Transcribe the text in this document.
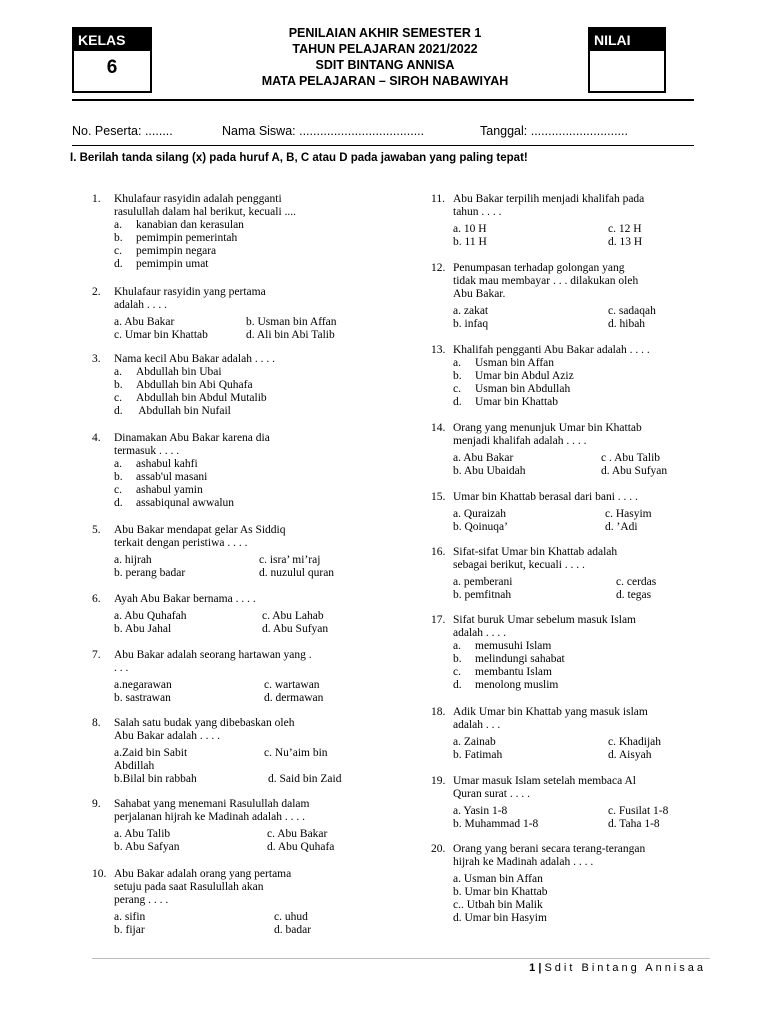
KELAS
6
NILAI
PENILAIAN AKHIR SEMESTER 1
TAHUN PELAJARAN 2021/2022
SDIT BINTANG ANNISA
MATA PELAJARAN – SIROH NABAWIYAH
No. Peserta: ........	Nama Siswa: ....................................	Tanggal: ............................
I. Berilah tanda silang (x) pada huruf A, B, C atau D pada jawaban yang paling tepat!
1. Khulafaur rasyidin adalah pengganti
rasulullah dalam hal berikut, kecuali ....
a. kanabian dan kerasulan
b. pemimpin pemerintah
c. pemimpin negara
d. pemimpin umat
2. Khulafaur rasyidin yang pertama
adalah . . . .
a. Abu Bakar	b. Usman bin Affan
c. Umar bin Khattab	d. Ali bin Abi Talib
3. Nama kecil Abu Bakar adalah . . . .
a. Abdullah bin Ubai
b. Abdullah bin Abi Quhafa
c. Abdullah bin Abdul Mutalib
d. Abdullah bin Nufail
4. Dinamakan Abu Bakar karena dia
termasuk . . . .
a. ashabul kahfi
b. assab'ul masani
c. ashabul yamin
d. assabiqunal awwalun
5. Abu Bakar mendapat gelar As Siddiq
terkait dengan peristiwa . . . .
a. hijrah	c. isra’ mi’raj
b. perang badar	d. nuzulul quran
6. Ayah Abu Bakar bernama . . . .
a. Abu Quhafah	c. Abu Lahab
b. Abu Jahal	d. Abu Sufyan
7. Abu Bakar adalah seorang hartawan yang .
. . .
a.negarawan	c. wartawan
b. sastrawan	d. dermawan
8. Salah satu budak yang dibebaskan oleh
Abu Bakar adalah . . . .
a.Zaid bin Sabit	c. Nu’aim bin
Abdillah
b.Bilal bin rabbah	d. Said bin Zaid
9. Sahabat yang menemani Rasulullah dalam
perjalanan hijrah ke Madinah adalah . . . .
a. Abu Talib	c. Abu Bakar
b. Abu Safyan	d. Abu Quhafa
10. Abu Bakar adalah orang yang pertama
setuju pada saat Rasulullah akan
perang . . . .
a. sifin	c. uhud
b. fijar	d. badar
11. Abu Bakar terpilih menjadi khalifah pada
tahun . . . .
a. 10 H	c. 12 H
b. 11 H	d. 13 H
12. Penumpasan terhadap golongan yang
tidak mau membayar . . . dilakukan oleh
Abu Bakar.
a. zakat	c. sadaqah
b. infaq	d. hibah
13. Khalifah pengganti Abu Bakar adalah . . . .
a. Usman bin Affan
b. Umar bin Abdul Aziz
c. Usman bin Abdullah
d. Umar bin Khattab
14. Orang yang menunjuk Umar bin Khattab
menjadi khalifah adalah . . . .
a. Abu Bakar	c . Abu Talib
b. Abu Ubaidah	d. Abu Sufyan
15. Umar bin Khattab berasal dari bani . . . .
a. Quraizah	c. Hasyim
b. Qoinuqa’	d. ’Adi
16. Sifat-sifat Umar bin Khattab adalah
sebagai berikut, kecuali . . . .
a. pemberani	c. cerdas
b. pemfitnah	d. tegas
17. Sifat buruk Umar sebelum masuk Islam
adalah . . . .
a. memusuhi Islam
b. melindungi sahabat
c. membantu Islam
d. menolong muslim
18. Adik Umar bin Khattab yang masuk islam
adalah . . .
a. Zainab	c. Khadijah
b. Fatimah	d. Aisyah
19. Umar masuk Islam setelah membaca Al
Quran surat . . . .
a. Yasin 1-8	c. Fusilat 1-8
b. Muhammad 1-8	d. Taha 1-8
20. Orang yang berani secara terang-terangan
hijrah ke Madinah adalah . . . .
a. Usman bin Affan
b. Umar bin Khattab
c.. Utbah bin Malik
d. Umar bin Hasyim
1 | Sdit Bintang Annisaa
